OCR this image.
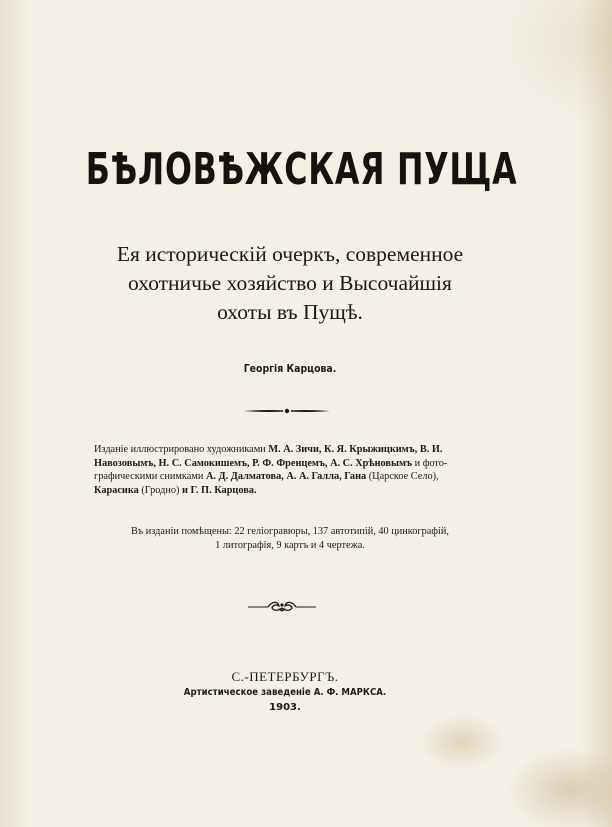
БѢЛОВѢЖСКАЯ ПУЩА
Ея историческiй очеркъ, современное
охотничье хозяйство и Высочайшiя
охоты въ Пущѣ.
Георгiя Карцова.
Изданiе иллюстрировано художниками М. А. Зичи, К. Я. Крыжицкимъ, В. И.
Навозовымъ, Н. С. Самокишемъ, Р. Ф. Френцемъ, А. С. Хрѣновымъ и фото-
графическими снимками А. Д. Далматова, А. А. Галла, Гана (Царское Село),
Карасика (Гродно) и Г. П. Карцова.
Въ изданiи помѣщены: 22 гелiогравюры, 137 автотипiй, 40 цинкографiй,
1 литографiя, 9 картъ и 4 чертежа.
С.-ПЕТЕРБУРГЪ.
Артистическое заведенiе А. Ф. МАРКСА.
1903.
